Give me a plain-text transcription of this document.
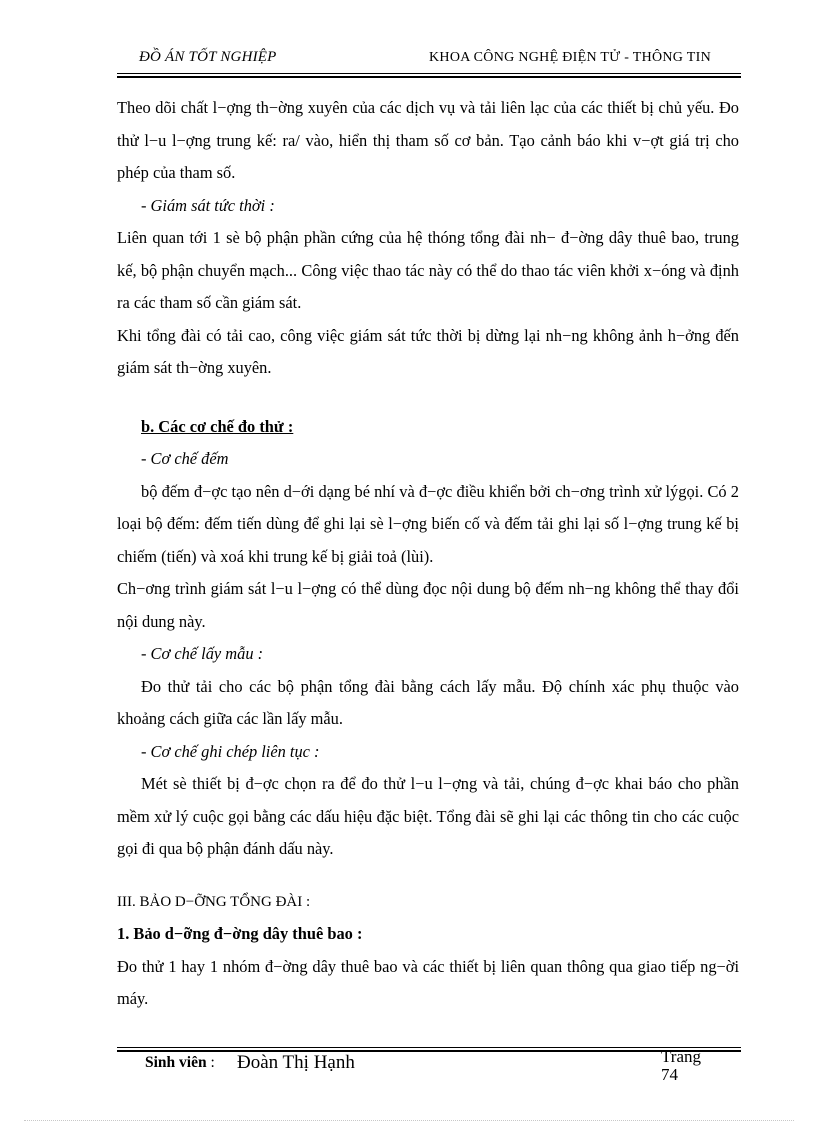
ĐỒ ÁN TỐT NGHIỆP	KHOA CÔNG NGHỆ ĐIỆN TỬ - THÔNG TIN

Theo dõi chất l−ợng th−ờng xuyên của các dịch vụ và tải liên lạc của các thiết bị chủ yếu. Đo thử l−u l−ợng trung kế: ra/ vào, hiển thị tham số cơ bản. Tạo cảnh báo khi v−ợt giá trị cho phép của tham số.

- Giám sát tức thời :

Liên quan tới 1 sè bộ phận phần cứng của hệ thóng tổng đài nh− đ−ờng dây thuê bao, trung kế, bộ phận chuyển mạch... Công việc thao tác này có thể do thao tác viên khởi x−óng và định ra các tham số cần giám sát.

Khi tổng đài có tải cao, công việc giám sát tức thời bị dừng lại nh−ng không ảnh h−ởng đến giám sát th−ờng xuyên.

b. Các cơ chế đo thử :

- Cơ chế đếm

bộ đếm đ−ợc tạo nên d−ới dạng bé nhí và đ−ợc điều khiển bởi ch−ơng trình xử lýgọi. Có 2 loại bộ đếm: đếm tiến dùng để ghi lại sè l−ợng biến cố và đếm tải ghi lại số l−ợng trung kế bị chiếm (tiến) và xoá khi trung kế bị giải toả (lùi).

Ch−ơng trình giám sát l−u l−ợng có thể dùng đọc nội dung bộ đếm nh−ng không thể thay đổi nội dung này.

- Cơ chế lấy mẫu :

Đo thử tải cho các bộ phận tổng đài bằng cách lấy mẫu. Độ chính xác phụ thuộc vào khoảng cách giữa các lần lấy mẫu.

- Cơ chế ghi chép liên tục :

Mét sè thiết bị đ−ợc chọn ra để đo thử l−u l−ợng và tải, chúng đ−ợc khai báo cho phần mềm xử lý cuộc gọi bằng các dấu hiệu đặc biệt. Tổng đài sẽ ghi lại các thông tin cho các cuộc gọi đi qua bộ phận đánh dấu này.

III. BẢO D−ỠNG TỔNG ĐÀI :

1. Bảo d−ỡng đ−ờng dây thuê bao :

Đo thử 1 hay 1 nhóm đ−ờng dây thuê bao và các thiết bị liên quan thông qua giao tiếp ng−ời máy.

Sinh viên : Đoàn Thị Hạnh	Trang
74
